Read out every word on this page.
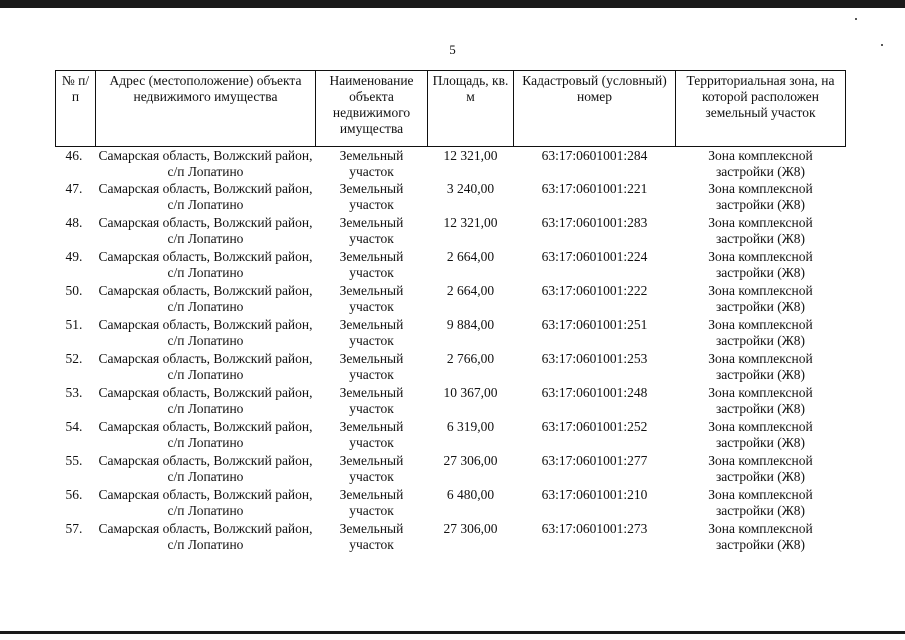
5
№ п/п	Адрес (местоположение) объекта недвижимого имущества	Наименование объекта недвижимого имущества	Площадь, кв. м	Кадастровый (условный) номер	Территориальная зона, на которой расположен земельный участок
46.	Самарская область, Волжский район, с/п Лопатино	Земельный участок	12 321,00	63:17:0601001:284	Зона комплексной застройки (Ж8)
47.	Самарская область, Волжский район, с/п Лопатино	Земельный участок	3 240,00	63:17:0601001:221	Зона комплексной застройки (Ж8)
48.	Самарская область, Волжский район, с/п Лопатино	Земельный участок	12 321,00	63:17:0601001:283	Зона комплексной застройки (Ж8)
49.	Самарская область, Волжский район, с/п Лопатино	Земельный участок	2 664,00	63:17:0601001:224	Зона комплексной застройки (Ж8)
50.	Самарская область, Волжский район, с/п Лопатино	Земельный участок	2 664,00	63:17:0601001:222	Зона комплексной застройки (Ж8)
51.	Самарская область, Волжский район, с/п Лопатино	Земельный участок	9 884,00	63:17:0601001:251	Зона комплексной застройки (Ж8)
52.	Самарская область, Волжский район, с/п Лопатино	Земельный участок	2 766,00	63:17:0601001:253	Зона комплексной застройки (Ж8)
53.	Самарская область, Волжский район, с/п Лопатино	Земельный участок	10 367,00	63:17:0601001:248	Зона комплексной застройки (Ж8)
54.	Самарская область, Волжский район, с/п Лопатино	Земельный участок	6 319,00	63:17:0601001:252	Зона комплексной застройки (Ж8)
55.	Самарская область, Волжский район, с/п Лопатино	Земельный участок	27 306,00	63:17:0601001:277	Зона комплексной застройки (Ж8)
56.	Самарская область, Волжский район, с/п Лопатино	Земельный участок	6 480,00	63:17:0601001:210	Зона комплексной застройки (Ж8)
57.	Самарская область, Волжский район, с/п Лопатино	Земельный участок	27 306,00	63:17:0601001:273	Зона комплексной застройки (Ж8)
